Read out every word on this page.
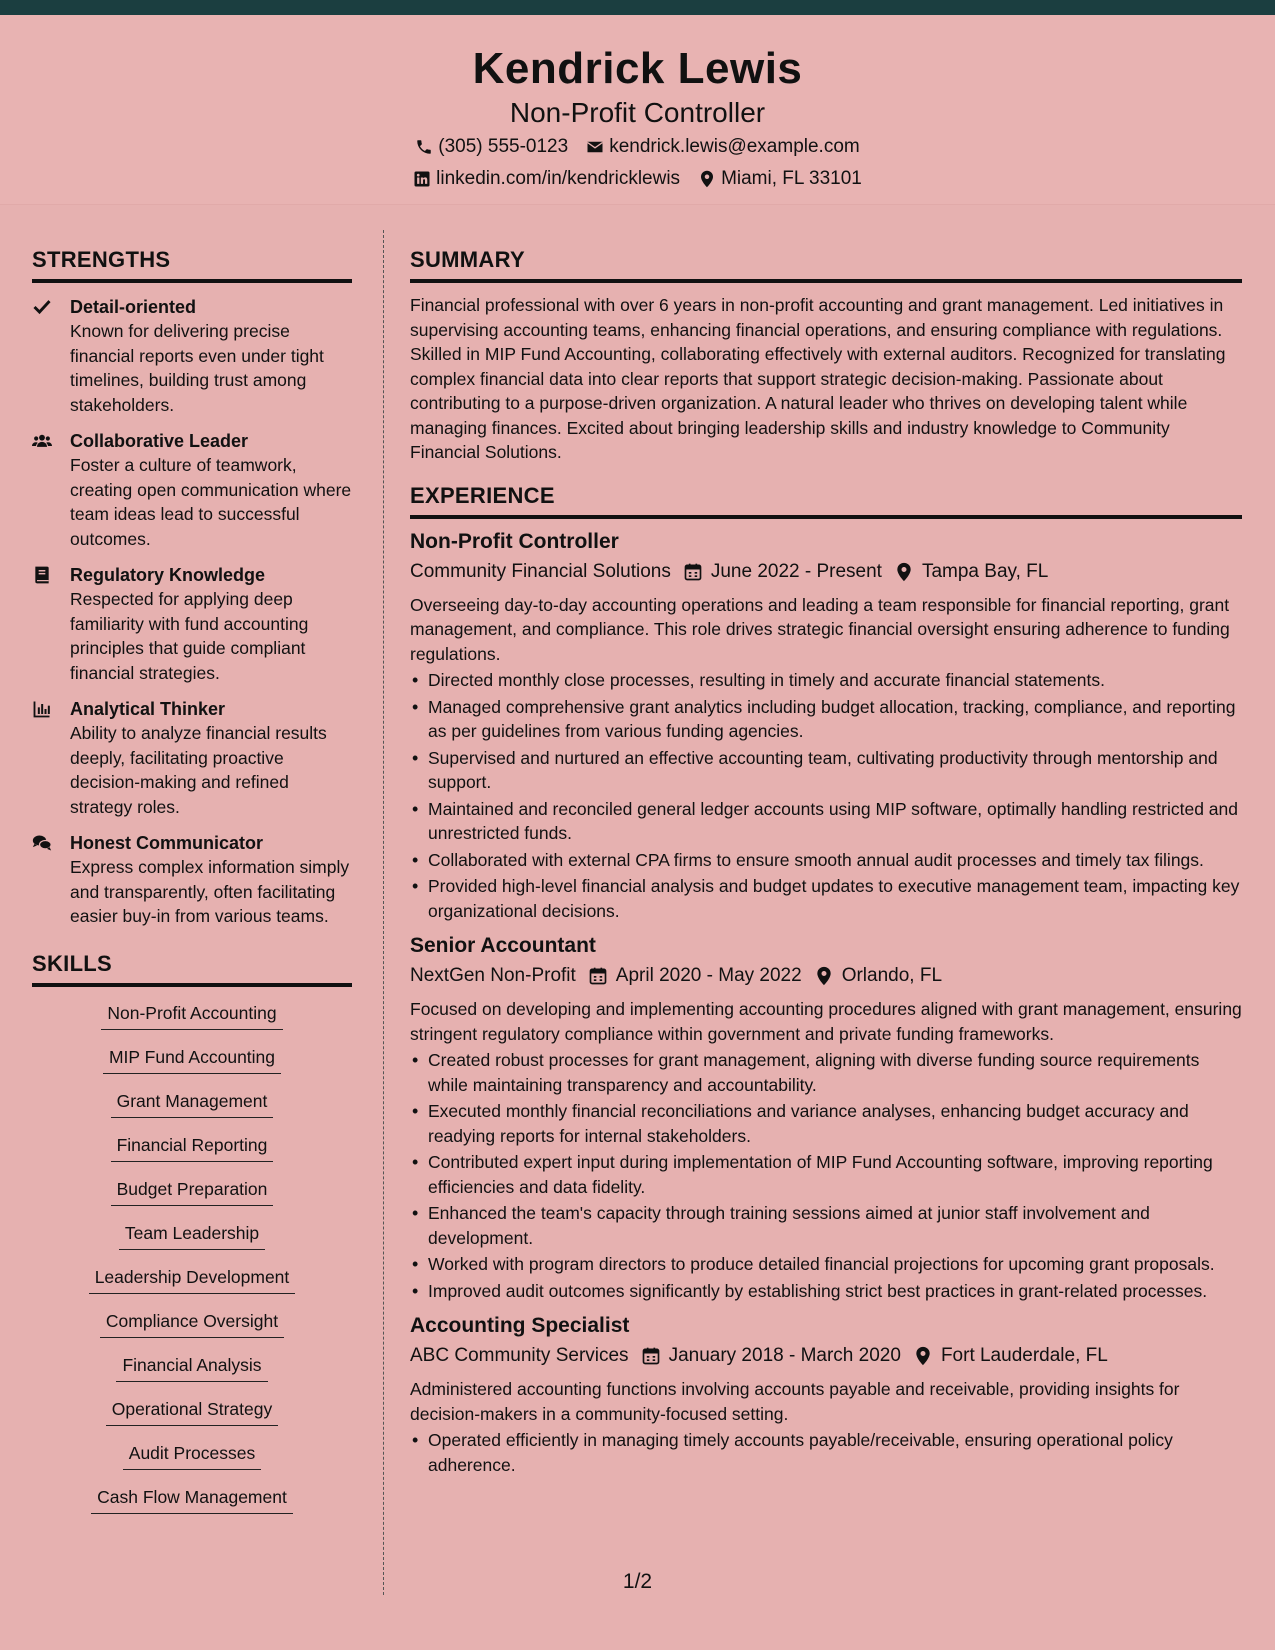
Kendrick Lewis
Non-Profit Controller
(305) 555-0123 kendrick.lewis@example.com
linkedin.com/in/kendricklewis Miami, FL 33101
STRENGTHS
Detail-oriented
Known for delivering precise financial reports even under tight timelines, building trust among stakeholders.
Collaborative Leader
Foster a culture of teamwork, creating open communication where team ideas lead to successful outcomes.
Regulatory Knowledge
Respected for applying deep familiarity with fund accounting principles that guide compliant financial strategies.
Analytical Thinker
Ability to analyze financial results deeply, facilitating proactive decision-making and refined strategy roles.
Honest Communicator
Express complex information simply and transparently, often facilitating easier buy-in from various teams.
SKILLS
Non-Profit Accounting
MIP Fund Accounting
Grant Management
Financial Reporting
Budget Preparation
Team Leadership
Leadership Development
Compliance Oversight
Financial Analysis
Operational Strategy
Audit Processes
Cash Flow Management
SUMMARY

Financial professional with over 6 years in non-profit accounting and grant management. Led initiatives in supervising accounting teams, enhancing financial operations, and ensuring compliance with regulations. Skilled in MIP Fund Accounting, collaborating effectively with external auditors. Recognized for translating complex financial data into clear reports that support strategic decision-making. Passionate about contributing to a purpose-driven organization. A natural leader who thrives on developing talent while managing finances. Excited about bringing leadership skills and industry knowledge to Community Financial Solutions.

EXPERIENCE
Non-Profit Controller
Community Financial Solutions June 2022 - Present Tampa Bay, FL

Overseeing day-to-day accounting operations and leading a team responsible for financial reporting, grant management, and compliance. This role drives strategic financial oversight ensuring adherence to funding regulations.

• Directed monthly close processes, resulting in timely and accurate financial statements.
• Managed comprehensive grant analytics including budget allocation, tracking, compliance, and reporting as per guidelines from various funding agencies.
• Supervised and nurtured an effective accounting team, cultivating productivity through mentorship and support.
• Maintained and reconciled general ledger accounts using MIP software, optimally handling restricted and unrestricted funds.
• Collaborated with external CPA firms to ensure smooth annual audit processes and timely tax filings.
• Provided high-level financial analysis and budget updates to executive management team, impacting key organizational decisions.
Senior Accountant
NextGen Non-Profit April 2020 - May 2022 Orlando, FL

Focused on developing and implementing accounting procedures aligned with grant management, ensuring stringent regulatory compliance within government and private funding frameworks.

• Created robust processes for grant management, aligning with diverse funding source requirements while maintaining transparency and accountability.
• Executed monthly financial reconciliations and variance analyses, enhancing budget accuracy and readying reports for internal stakeholders.
• Contributed expert input during implementation of MIP Fund Accounting software, improving reporting efficiencies and data fidelity.
• Enhanced the team's capacity through training sessions aimed at junior staff involvement and development.
• Worked with program directors to produce detailed financial projections for upcoming grant proposals.
• Improved audit outcomes significantly by establishing strict best practices in grant-related processes.
Accounting Specialist
ABC Community Services January 2018 - March 2020 Fort Lauderdale, FL

Administered accounting functions involving accounts payable and receivable, providing insights for decision-makers in a community-focused setting.

• Operated efficiently in managing timely accounts payable/receivable, ensuring operational policy adherence.
1/2
